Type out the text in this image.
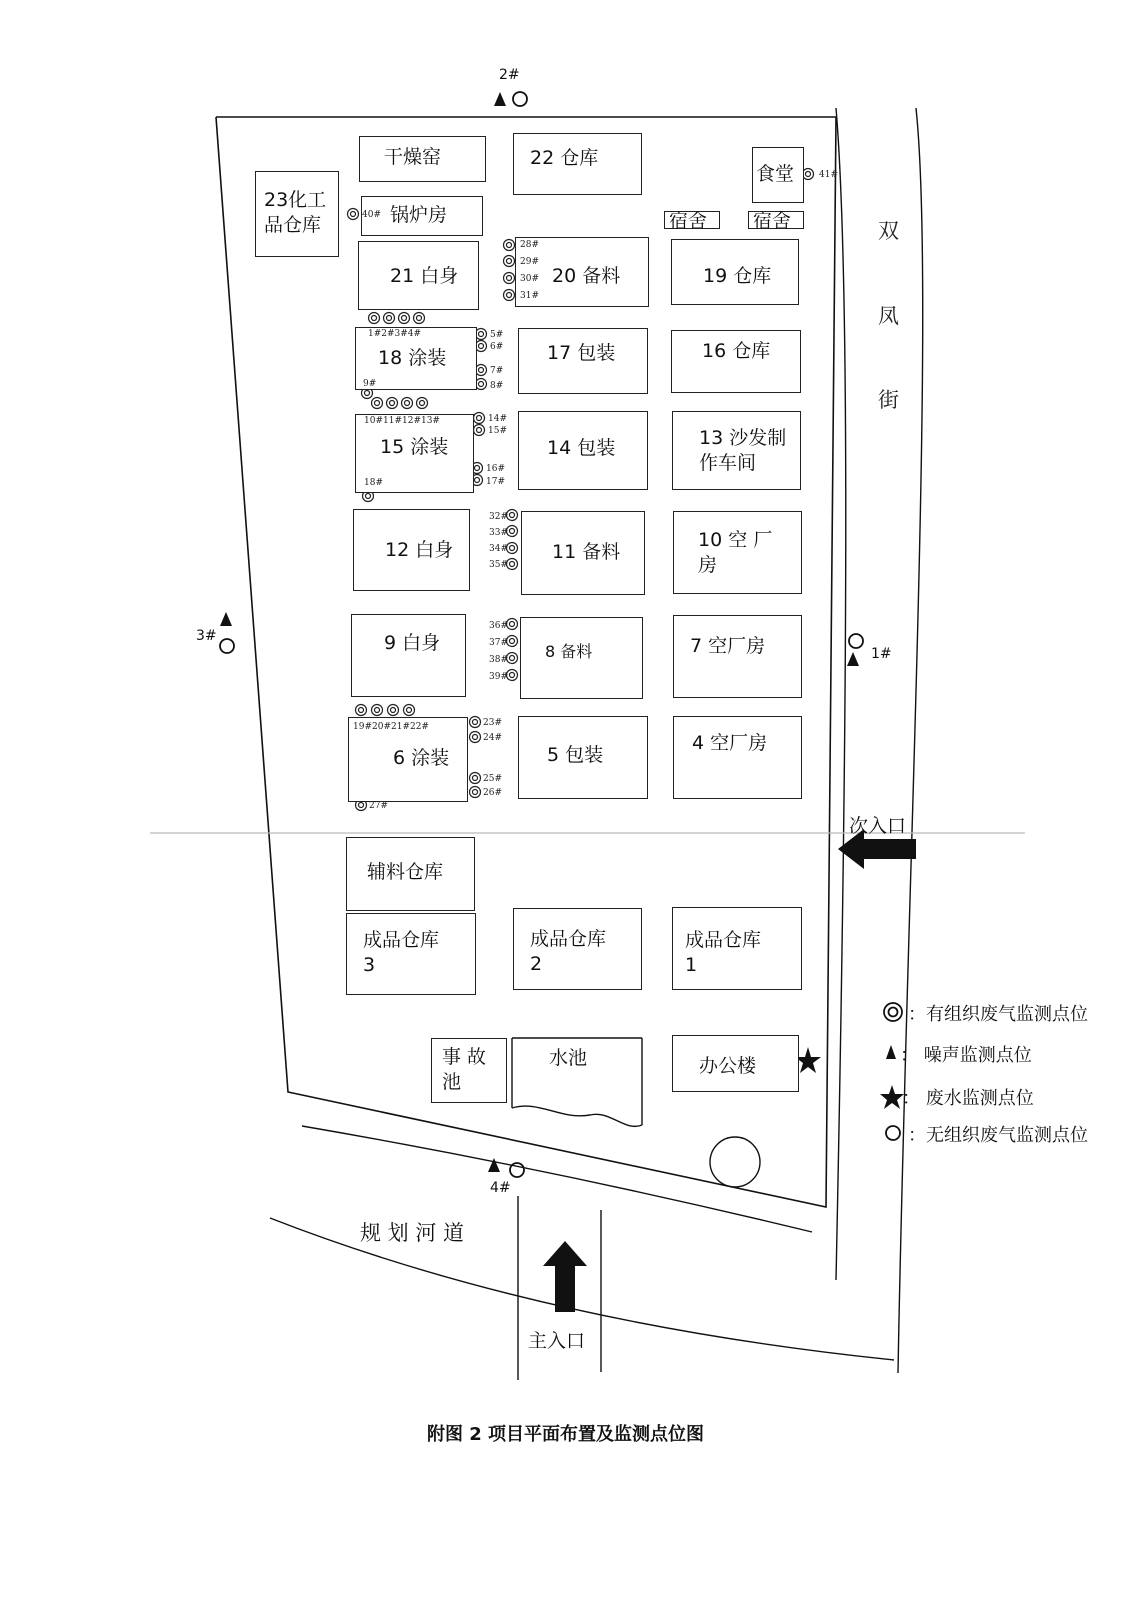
干燥窑	22 仓库
食堂
23化工
品仓库	锅炉房	宿舍 宿舍
21 白身	20 备料	19 仓库
18 涂装	17 包装	16 仓库
15 涂装	14 包装	13 沙发制
作车间
12 白身	11 备料
10 空 厂
房
9 白身	8 备料	7 空厂房
6 涂装	5 包装
4 空厂房
辅料仓库
成品仓库
3
成品仓库
2
成品仓库
1
事 故
池
水池	办公楼
41#
40#
28#
29#
30#
31#
1#2#3#4#	5#
6#
7#
8#
9#
10#11#12#13#	14#
15#
16#
17#
18#
32#
33#
34#
35#
36#
37#
38#
39#
19#20#21#22#	23#
24#
25#
26#
27#
2#
3#
1#
4#
双
凤
街
次入口
主入口
规 划 河 道
：有组织废气监测点位
： 噪声监测点位
： 废水监测点位
：无组织废气监测点位
附图 2 项目平面布置及监测点位图
